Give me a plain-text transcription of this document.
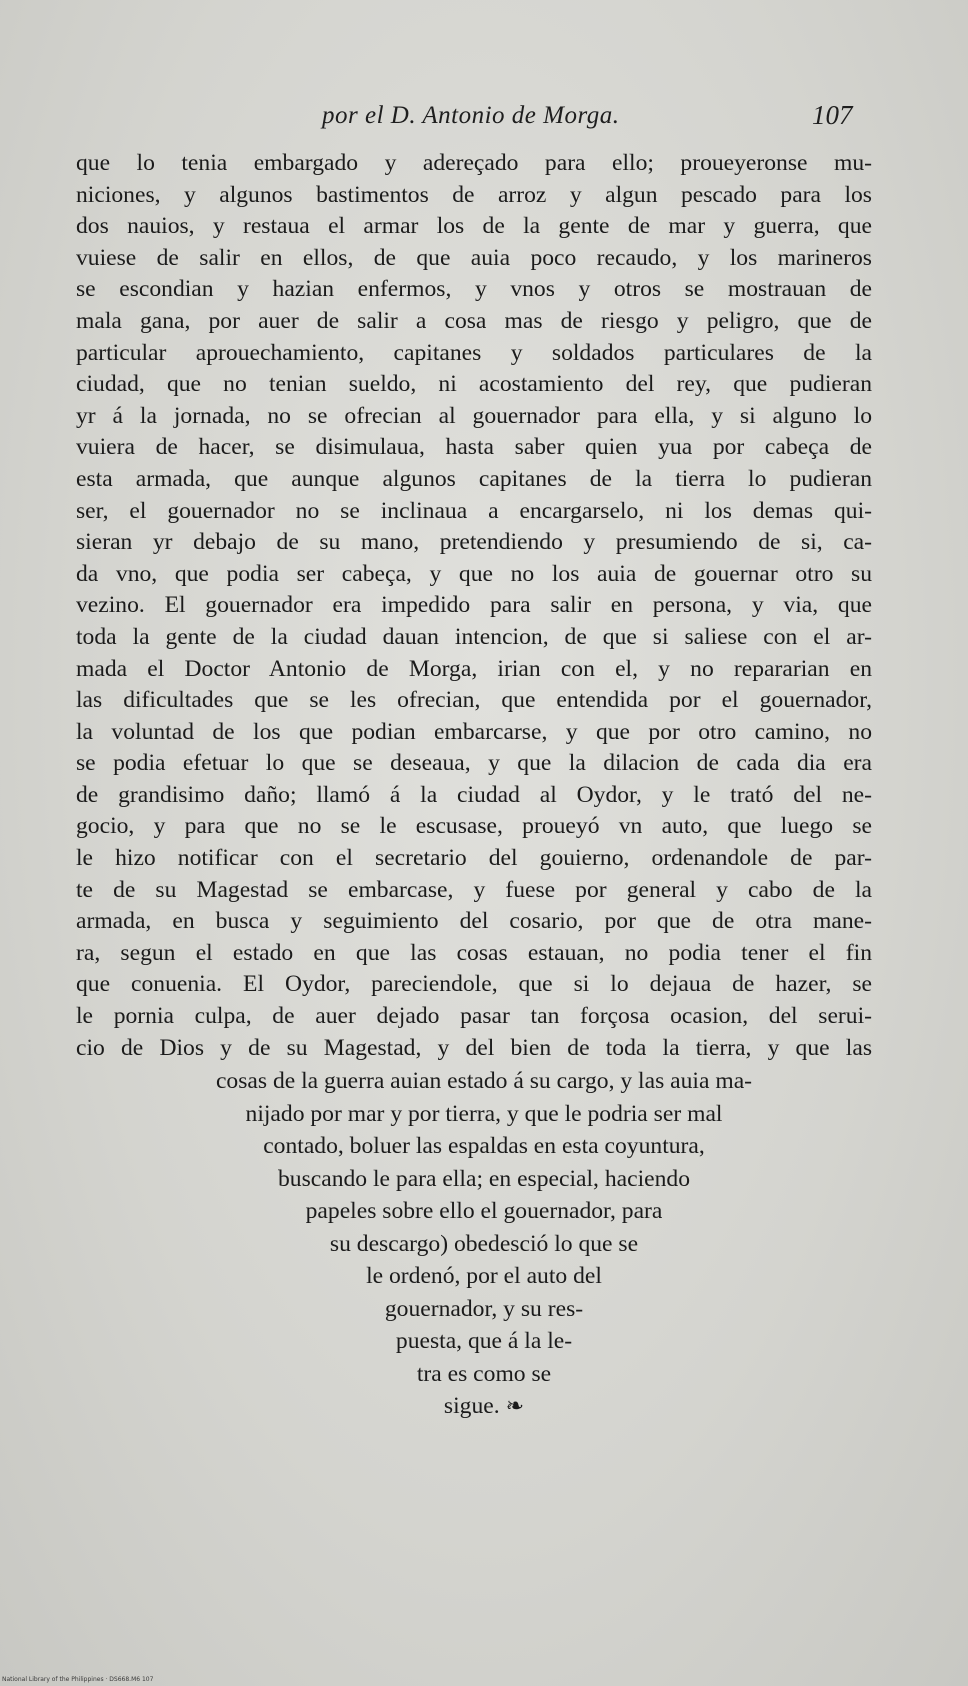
por el D. Antonio de Morga.	107
que lo tenia embargado y adereçado para ello; proueyeronse mu-
niciones, y algunos bastimentos de arroz y algun pescado para los
dos nauios, y restaua el armar los de la gente de mar y guerra, que
vuiese de salir en ellos, de que auia poco recaudo, y los marineros
se escondian y hazian enfermos, y vnos y otros se mostrauan de
mala gana, por auer de salir a cosa mas de riesgo y peligro, que de
particular aprouechamiento, capitanes y soldados particulares de la
ciudad, que no tenian sueldo, ni acostamiento del rey, que pudieran
yr á la jornada, no se ofrecian al gouernador para ella, y si alguno lo
vuiera de hacer, se disimulaua, hasta saber quien yua por cabeça de
esta armada, que aunque algunos capitanes de la tierra lo pudieran
ser, el gouernador no se inclinaua a encargarselo, ni los demas qui-
sieran yr debajo de su mano, pretendiendo y presumiendo de si, ca-
da vno, que podia ser cabeça, y que no los auia de gouernar otro su
vezino. El gouernador era impedido para salir en persona, y via, que
toda la gente de la ciudad dauan intencion, de que si saliese con el ar-
mada el Doctor Antonio de Morga, irian con el, y no repararian en
las dificultades que se les ofrecian, que entendida por el gouernador,
la voluntad de los que podian embarcarse, y que por otro camino, no
se podia efetuar lo que se deseaua, y que la dilacion de cada dia era
de grandisimo daño; llamó á la ciudad al Oydor, y le trató del ne-
gocio, y para que no se le escusase, proueyó vn auto, que luego se
le hizo notificar con el secretario del gouierno, ordenandole de par-
te de su Magestad se embarcase, y fuese por general y cabo de la
armada, en busca y seguimiento del cosario, por que de otra mane-
ra, segun el estado en que las cosas estauan, no podia tener el fin
que conuenia. El Oydor, pareciendole, que si lo dejaua de hazer, se
le pornia culpa, de auer dejado pasar tan forçosa ocasion, del serui-
cio de Dios y de su Magestad, y del bien de toda la tierra, y que las
cosas de la guerra auian estado á su cargo, y las auia ma-
nijado por mar y por tierra, y que le podria ser mal
contado, boluer las espaldas en esta coyuntura,
buscando le para ella; en especial, haciendo
papeles sobre ello el gouernador, para
su descargo) obedesció lo que se
le ordenó, por el auto del
gouernador, y su res-
puesta, que á la le-
tra es como se
sigue. ❧
National Library of the Philippines · DS668.M6 107
